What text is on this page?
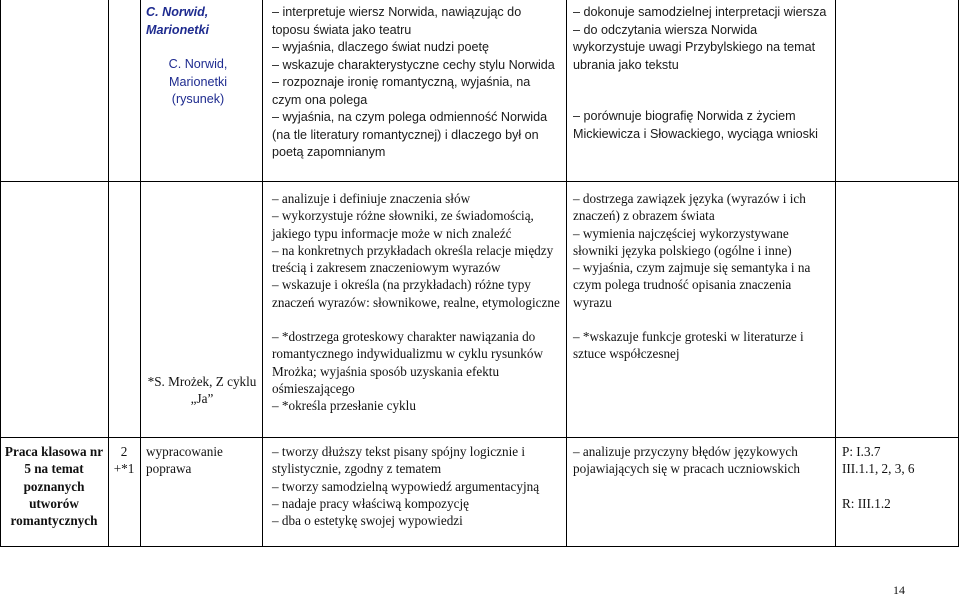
C. Norwid, Marionetki

C. Norwid, Marionetki

(rysunek)

– interpretuje wiersz Norwida, nawiązując do toposu świata jako teatru

– wyjaśnia, dlaczego świat nudzi poetę

– wskazuje charakterystyczne cechy stylu Norwida

– rozpoznaje ironię romantyczną, wyjaśnia, na czym ona polega

– wyjaśnia, na czym polega odmienność Norwida (na tle literatury romantycznej) i dlaczego był on poetą zapomnianym

– dokonuje samodzielnej interpretacji wiersza

– do odczytania wiersza Norwida wykorzystuje uwagi Przybylskiego na temat ubrania jako tekstu

– porównuje biografię Norwida z życiem Mickiewicza i Słowackiego, wyciąga wnioski

*S. Mrożek, Z cyklu „Ja”

– analizuje i definiuje znaczenia słów

– wykorzystuje różne słowniki, ze świadomością, jakiego typu informacje może w nich znaleźć

– na konkretnych przykładach określa relacje między treścią i zakresem znaczeniowym wyrazów

– wskazuje i określa (na przykładach) różne typy znaczeń wyrazów: słownikowe, realne, etymologiczne

– *dostrzega groteskowy charakter nawiązania do romantycznego indywidualizmu w cyklu rysunków Mrożka; wyjaśnia sposób uzyskania efektu ośmieszającego

– *określa przesłanie cyklu

– dostrzega zawiązek języka (wyrazów i ich znaczeń) z obrazem świata

– wymienia najczęściej wykorzystywane słowniki języka polskiego (ogólne i inne)

– wyjaśnia, czym zajmuje się semantyka i na czym polega trudność opisania znaczenia wyrazu

– *wskazuje funkcje groteski w literaturze i sztuce współczesnej

Praca klasowa nr 5 na temat poznanych utworów romantycznych

2 +*1

wypracowanie poprawa

– tworzy dłuższy tekst pisany spójny logicznie i stylistycznie, zgodny z tematem

– tworzy samodzielną wypowiedź argumentacyjną

– nadaje pracy właściwą kompozycję

– dba o estetykę swojej wypowiedzi

– analizuje przyczyny błędów językowych pojawiających się w pracach uczniowskich

P: I.3.7

III.1.1, 2, 3, 6

R: III.1.2

14
